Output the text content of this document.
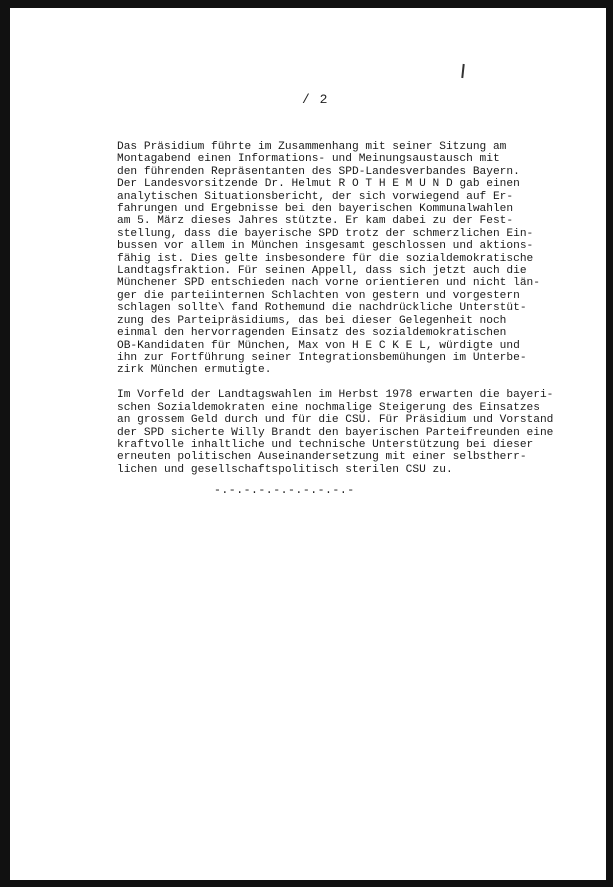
/ 2

Das Präsidium führte im Zusammenhang mit seiner Sitzung am
Montagabend einen Informations- und Meinungsaustausch mit
den führenden Repräsentanten des SPD-Landesverbandes Bayern.
Der Landesvorsitzende Dr. Helmut R O T H E M U N D gab einen
analytischen Situationsbericht, der sich vorwiegend auf Er-
fahrungen und Ergebnisse bei den bayerischen Kommunalwahlen
am 5. März dieses Jahres stützte. Er kam dabei zu der Fest-
stellung, dass die bayerische SPD trotz der schmerzlichen Ein-
bussen vor allem in München insgesamt geschlossen und aktions-
fähig ist. Dies gelte insbesondere für die sozialdemokratische
Landtagsfraktion. Für seinen Appell, dass sich jetzt auch die
Münchener SPD entschieden nach vorne orientieren und nicht län-
ger die parteiinternen Schlachten von gestern und vorgestern
schlagen sollte\ fand Rothemund die nachdrückliche Unterstüt-
zung des Parteipräsidiums, das bei dieser Gelegenheit noch
einmal den hervorragenden Einsatz des sozialdemokratischen
OB-Kandidaten für München, Max von H E C K E L, würdigte und
ihn zur Fortführung seiner Integrationsbemühungen im Unterbe-
zirk München ermutigte.

Im Vorfeld der Landtagswahlen im Herbst 1978 erwarten die bayeri-
schen Sozialdemokraten eine nochmalige Steigerung des Einsatzes
an grossem Geld durch und für die CSU. Für Präsidium und Vorstand
der SPD sicherte Willy Brandt den bayerischen Parteifreunden eine
kraftvolle inhaltliche und technische Unterstützung bei dieser
erneuten politischen Auseinandersetzung mit einer selbstherr-
lichen und gesellschaftspolitisch sterilen CSU zu.

-.-.-.-.-.-.-.-.-.-
